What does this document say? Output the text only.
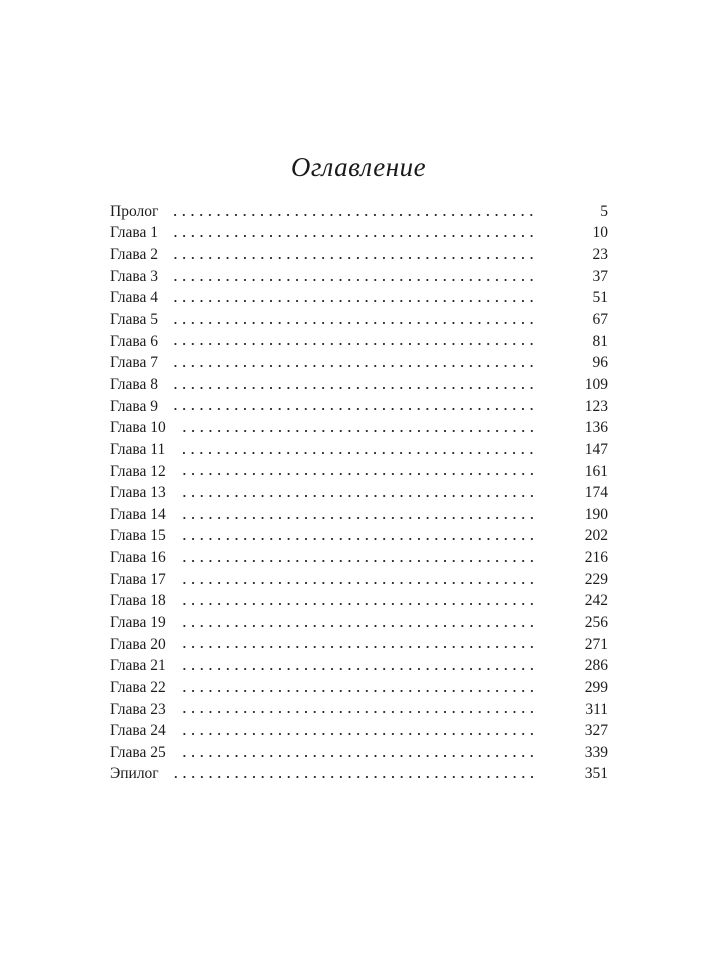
Оглавление
Пролог	5
Глава 1	10
Глава 2	23
Глава 3	37
Глава 4	51
Глава 5	67
Глава 6	81
Глава 7	96
Глава 8	109
Глава 9	123
Глава 10	136
Глава 11	147
Глава 12	161
Глава 13	174
Глава 14	190
Глава 15	202
Глава 16	216
Глава 17	229
Глава 18	242
Глава 19	256
Глава 20	271
Глава 21	286
Глава 22	299
Глава 23	311
Глава 24	327
Глава 25	339
Эпилог	351
